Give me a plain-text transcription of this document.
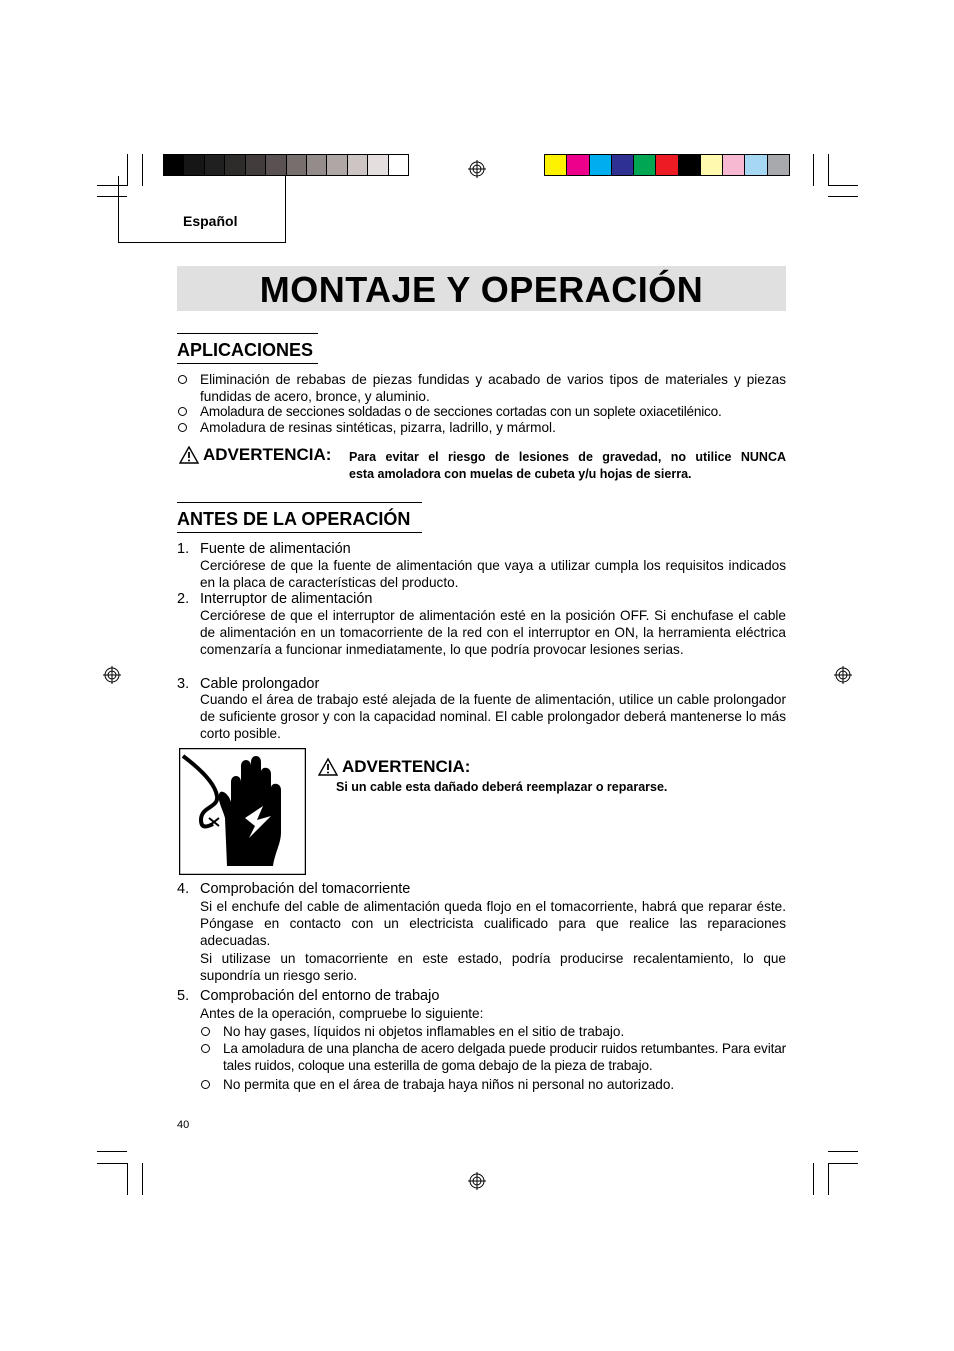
Español
MONTAJE Y OPERACIÓN
APLICACIONES
Eliminación de rebabas de piezas fundidas y acabado de varios tipos de materiales y piezas fundidas de acero, bronce, y aluminio.
Amoladura de secciones soldadas o de secciones cortadas con un soplete oxiacetilénico.
Amoladura de resinas sintéticas, pizarra, ladrillo, y mármol.
ADVERTENCIA: Para evitar el riesgo de lesiones de gravedad, no utilice NUNCA
esta amoladora con muelas de cubeta y/u hojas de sierra.
ANTES DE LA OPERACIÓN
1. Fuente de alimentación
Cerciórese de que la fuente de alimentación que vaya a utilizar cumpla los requisitos indicados en la placa de características del producto.
2. Interruptor de alimentación
Cerciórese de que el interruptor de alimentación esté en la posición OFF. Si enchufase el cable de alimentación en un tomacorriente de la red con el interruptor en ON, la herramienta eléctrica comenzaría a funcionar inmediatamente, lo que podría provocar lesiones serias.
3. Cable prolongador
Cuando el área de trabajo esté alejada de la fuente de alimentación, utilice un cable prolongador de suficiente grosor y con la capacidad nominal. El cable prolongador deberá mantenerse lo más corto posible.
ADVERTENCIA:
Si un cable esta dañado deberá reemplazar o repararse.
4. Comprobación del tomacorriente
Si el enchufe del cable de alimentación queda flojo en el tomacorriente, habrá que reparar éste. Póngase en contacto con un electricista cualificado para que realice las reparaciones adecuadas.
Si utilizase un tomacorriente en este estado, podría producirse recalentamiento, lo que supondría un riesgo serio.
5. Comprobación del entorno de trabajo
Antes de la operación, compruebe lo siguiente:
No hay gases, líquidos ni objetos inflamables en el sitio de trabajo.
La amoladura de una plancha de acero delgada puede producir ruidos retumbantes. Para evitar tales ruidos, coloque una esterilla de goma debajo de la pieza de trabajo.
No permita que en el área de trabaja haya niños ni personal no autorizado.
40
